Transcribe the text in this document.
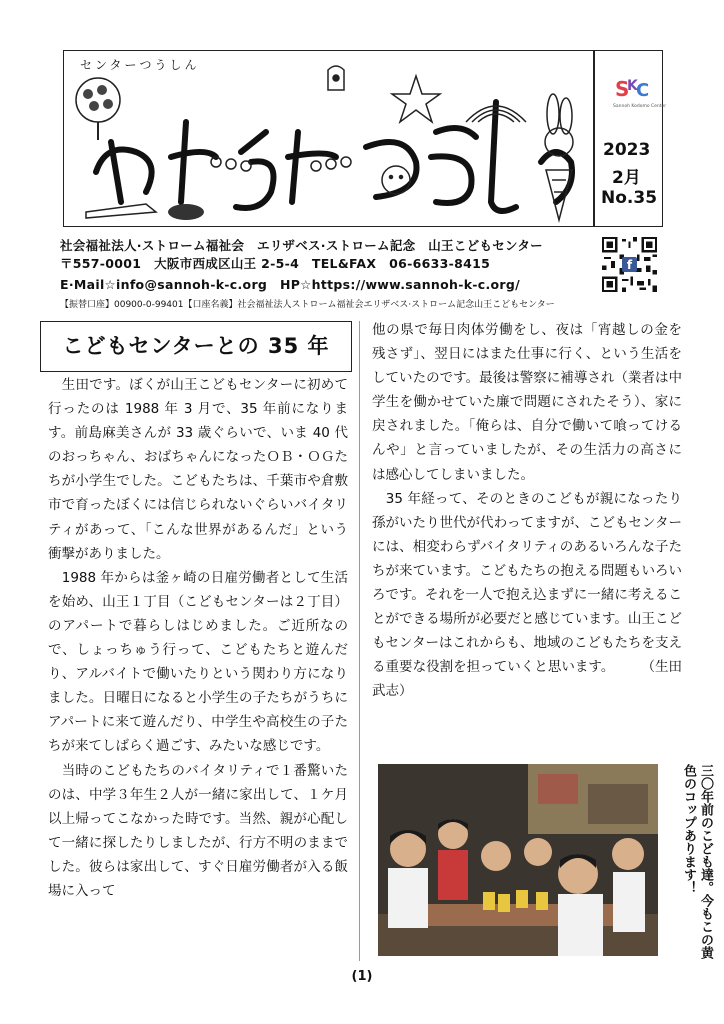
センターつうしん
S
K
C
Sannoh Kodomo Center
2023
2月
No.35
社会福祉法人·ストローム福祉会　エリザベス·ストローム記念　山王こどもセンター
〒557-0001　大阪市西成区山王 2-5-4　TEL&FAX　06-6633-8415
E·Mail☆info@sannoh-k-c.org　HP☆https://www.sannoh-k-c.org/
【振替口座】00900-0-99401【口座名義】社会福祉法人ストローム福祉会エリザベス·ストローム記念山王こどもセンター
f
こどもセンターとの 35 年
　生田です。ぼくが山王こどもセンターに初めて行ったのは 1988 年 3 月で、35 年前になります。前島麻美さんが 33 歳ぐらいで、いま 40 代のおっちゃん、おばちゃんになったＯＢ・ＯＧたちが小学生でした。こどもたちは、千葉市や倉敷市で育ったぼくには信じられないぐらいバイタリティがあって、「こんな世界があるんだ」という衝撃がありました。
　1988 年からは釜ヶ崎の日雇労働者として生活を始め、山王１丁目（こどもセンターは２丁目）のアパートで暮らしはじめました。ご近所なので、しょっちゅう行って、こどもたちと遊んだり、アルバイトで働いたりという関わり方になりました。日曜日になると小学生の子たちがうちにアパートに来て遊んだり、中学生や高校生の子たちが来てしばらく過ごす、みたいな感じです。
　当時のこどもたちのバイタリティで１番驚いたのは、中学３年生２人が一緒に家出して、１ケ月以上帰ってこなかった時です。当然、親が心配して一緒に探したりしましたが、行方不明のままでした。彼らは家出して、すぐ日雇労働者が入る飯場に入って
他の県で毎日肉体労働をし、夜は「宵越しの金を残さず」、翌日にはまた仕事に行く、という生活をしていたのです。最後は警察に補導され（業者は中学生を働かせていた廉で問題にされたそう）、家に戻されました。「俺らは、自分で働いて喰ってけるんや」と言っていましたが、その生活力の高さには感心してしまいました。
　35 年経って、そのときのこどもが親になったり孫がいたり世代が代わってますが、こどもセンターには、相変わらずバイタリティのあるいろんな子たちが来ています。こどもたちの抱える問題もいろいろです。それを一人で抱え込まずに一緒に考えることができる場所が必要だと感じています。山王こどもセンターはこれからも、地域のこどもたちを支える重要な役割を担っていくと思います。　　　（生田武志）
三〇年前のこども達。今もこの黄色のコップあります！
(1)
